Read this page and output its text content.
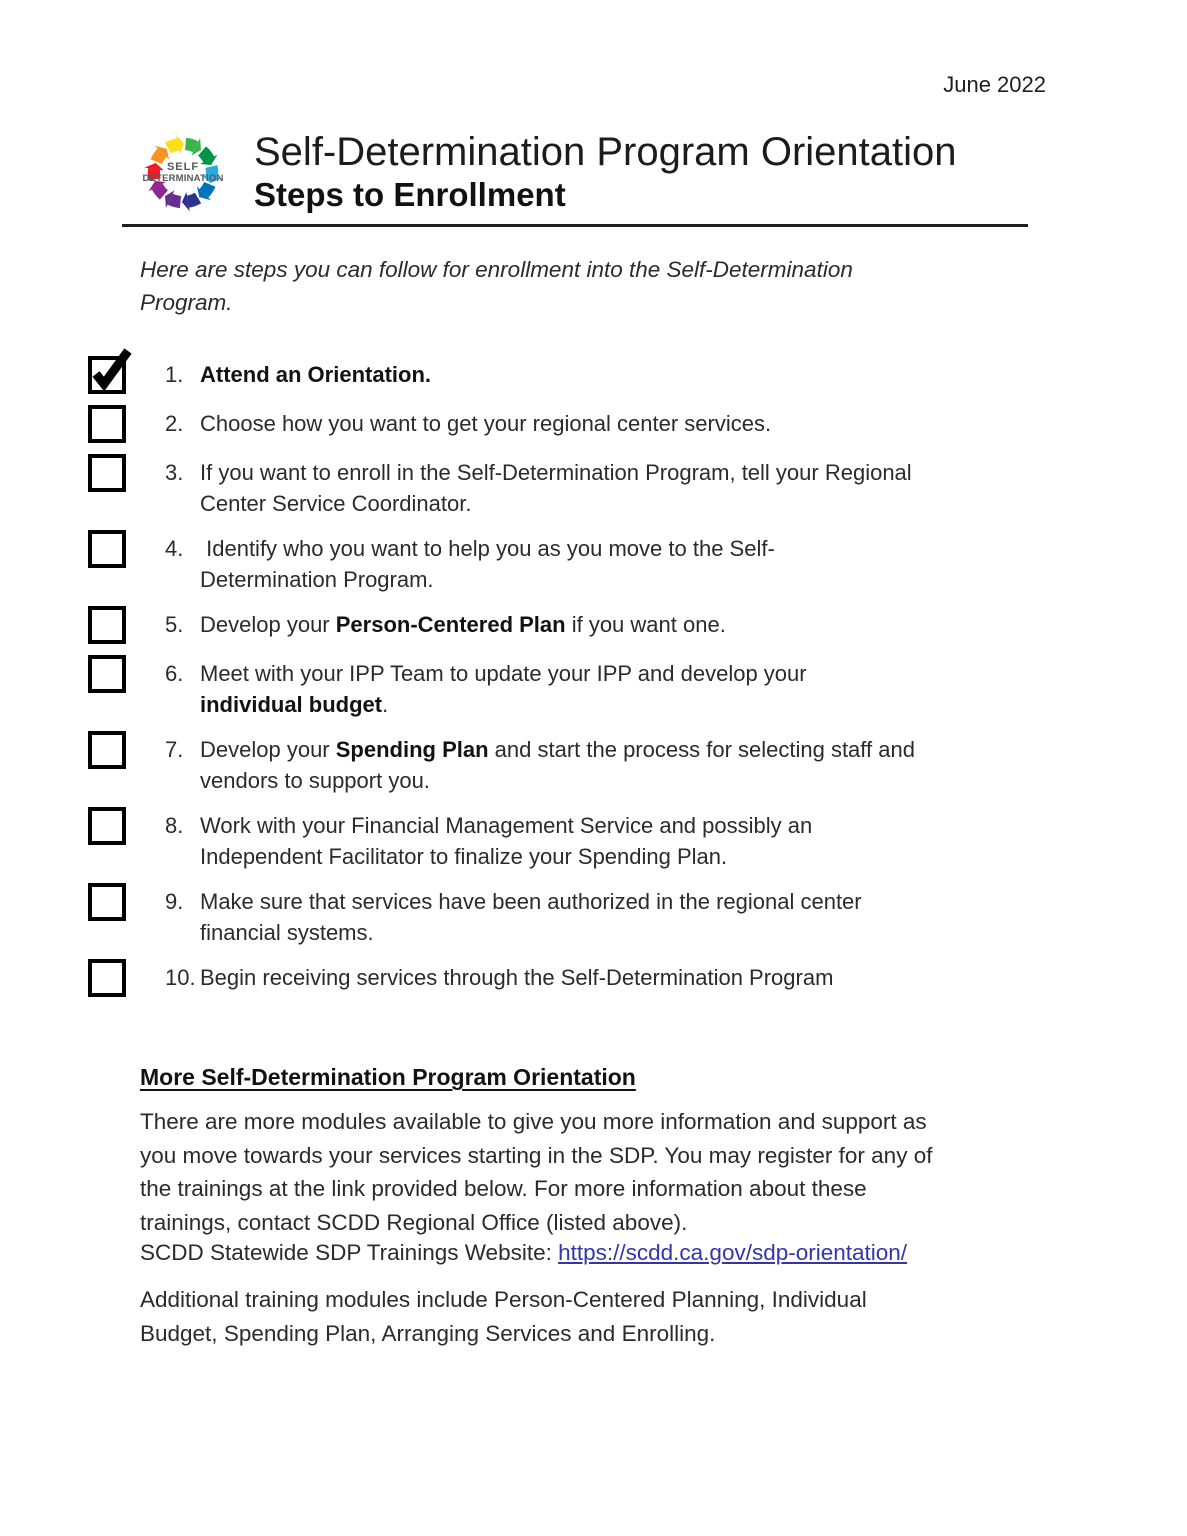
June 2022
SELF
DETERMINATION
Self-Determination Program Orientation
Steps to Enrollment
Here are steps you can follow for enrollment into the Self-Determination
Program.
1. Attend an Orientation.
2. Choose how you want to get your regional center services.
3. If you want to enroll in the Self-Determination Program, tell your Regional
Center Service Coordinator.
4. Identify who you want to help you as you move to the Self-
Determination Program.
5. Develop your Person-Centered Plan if you want one.
6. Meet with your IPP Team to update your IPP and develop your
individual budget.
7. Develop your Spending Plan and start the process for selecting staff and
vendors to support you.
8. Work with your Financial Management Service and possibly an
Independent Facilitator to finalize your Spending Plan.
9. Make sure that services have been authorized in the regional center
financial systems.
10. Begin receiving services through the Self-Determination Program
More Self-Determination Program Orientation
There are more modules available to give you more information and support as
you move towards your services starting in the SDP. You may register for any of
the trainings at the link provided below. For more information about these
trainings, contact SCDD Regional Office (listed above).
SCDD Statewide SDP Trainings Website: https://scdd.ca.gov/sdp-orientation/
Additional training modules include Person-Centered Planning, Individual
Budget, Spending Plan, Arranging Services and Enrolling.
